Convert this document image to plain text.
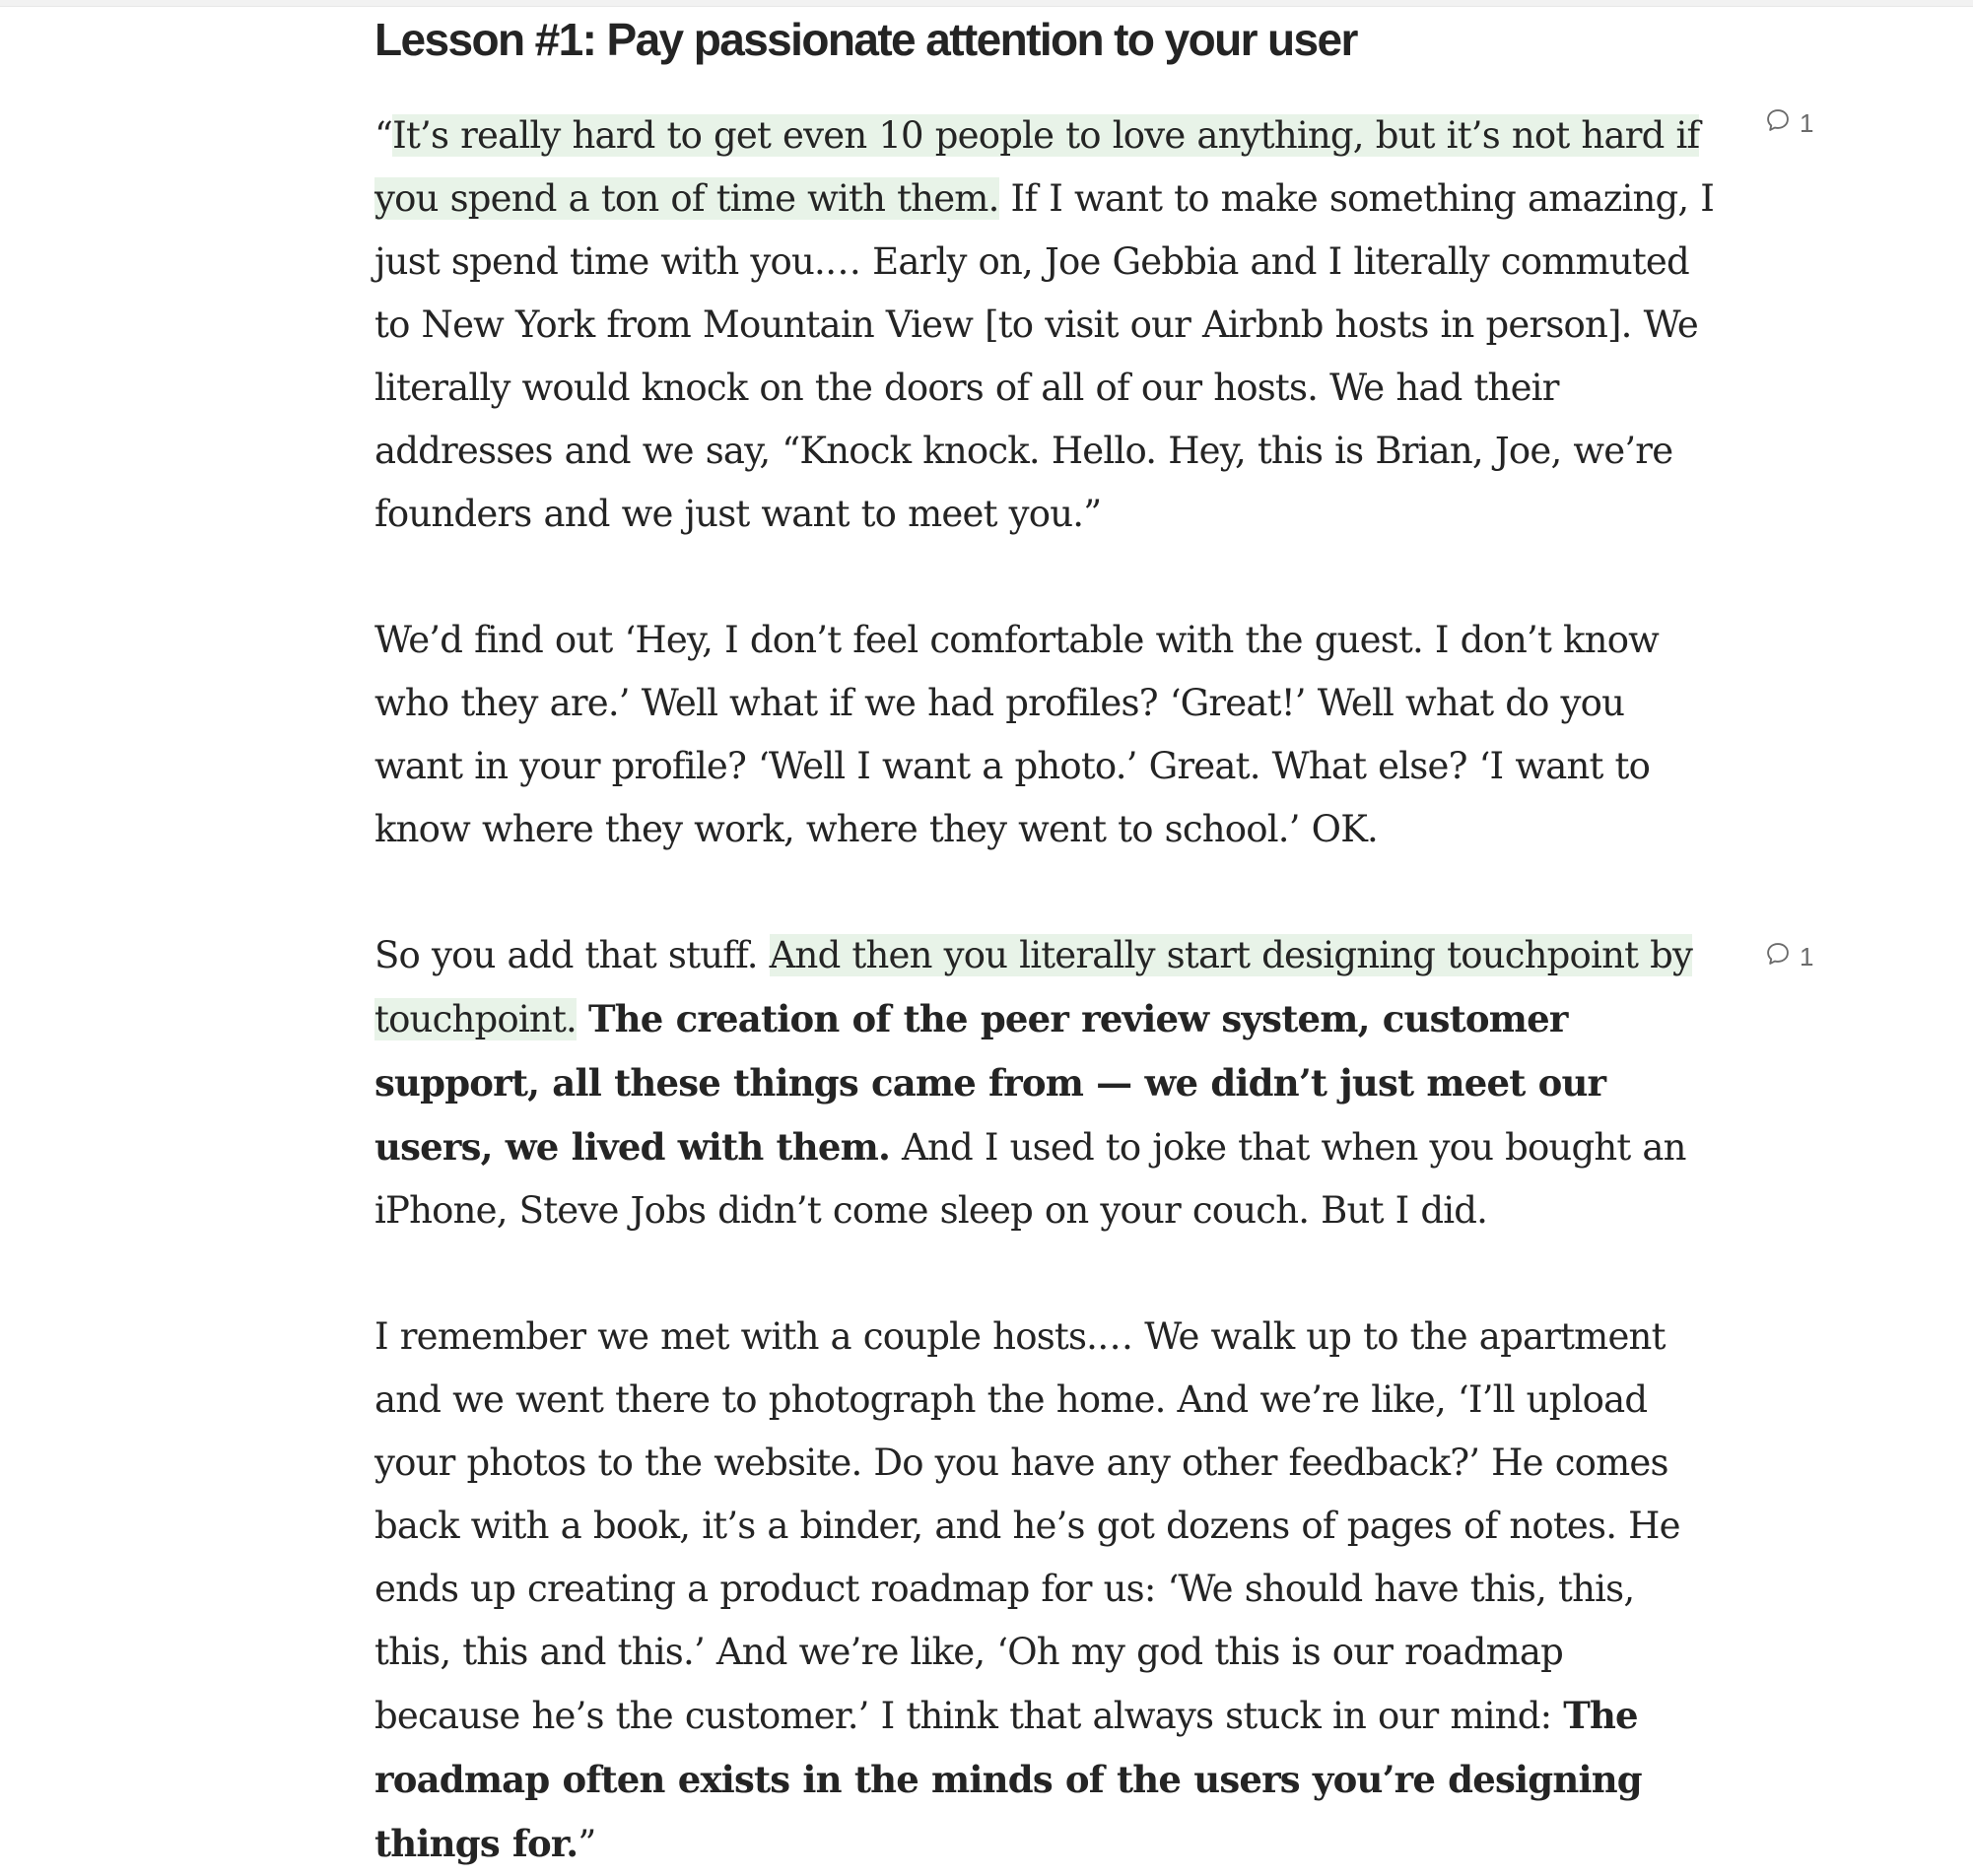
Lesson #1: Pay passionate attention to your user

“It’s really hard to get even 10 people to love anything, but it’s not hard if you spend a ton of time with them. If I want to make something amazing, I just spend time with you.… Early on, Joe Gebbia and I literally commuted to New York from Mountain View [to visit our Airbnb hosts in person]. We literally would knock on the doors of all of our hosts. We had their addresses and we say, “Knock knock. Hello. Hey, this is Brian, Joe, we’re founders and we just want to meet you.”

We’d find out ‘Hey, I don’t feel comfortable with the guest. I don’t know who they are.’ Well what if we had profiles? ‘Great!’ Well what do you want in your profile? ‘Well I want a photo.’ Great. What else? ‘I want to know where they work, where they went to school.’ OK.

So you add that stuff. And then you literally start designing touchpoint by touchpoint. The creation of the peer review system, customer support, all these things came from — we didn’t just meet our users, we lived with them. And I used to joke that when you bought an iPhone, Steve Jobs didn’t come sleep on your couch. But I did.

I remember we met with a couple hosts.… We walk up to the apartment and we went there to photograph the home. And we’re like, ‘I’ll upload your photos to the website. Do you have any other feedback?’ He comes back with a book, it’s a binder, and he’s got dozens of pages of notes. He ends up creating a product roadmap for us: ‘We should have this, this, this, this and this.’ And we’re like, ‘Oh my god this is our roadmap because he’s the customer.’ I think that always stuck in our mind: The roadmap often exists in the minds of the users you’re designing things for.”

1
1
